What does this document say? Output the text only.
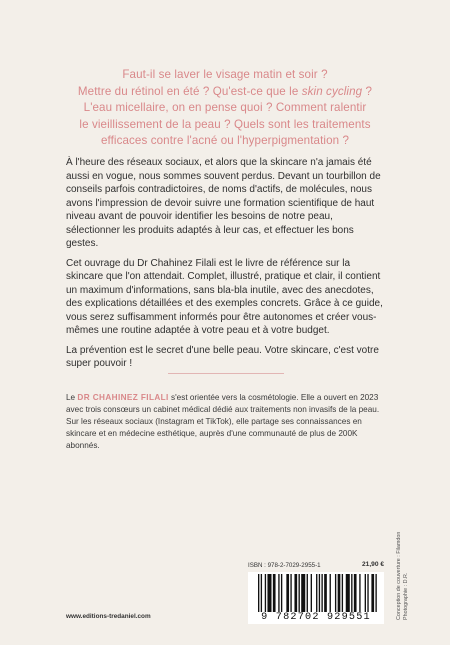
Faut-il se laver le visage matin et soir ?

Mettre du rétinol en été ? Qu'est-ce que le skin cycling ?

L'eau micellaire, on en pense quoi ? Comment ralentir

le vieillissement de la peau ? Quels sont les traitements

efficaces contre l'acné ou l'hyperpigmentation ?

À l'heure des réseaux sociaux, et alors que la skincare n'a jamais été aussi en vogue, nous sommes souvent perdus. Devant un tourbillon de conseils parfois contradictoires, de noms d'actifs, de molécules, nous avons l'impression de devoir suivre une formation scientifique de haut niveau avant de pouvoir identifier les besoins de notre peau, sélectionner les produits adaptés à leur cas, et effectuer les bons gestes.

Cet ouvrage du Dr Chahinez Filali est le livre de référence sur la skincare que l'on attendait. Complet, illustré, pratique et clair, il contient un maximum d'informations, sans bla-bla inutile, avec des anecdotes, des explications détaillées et des exemples concrets. Grâce à ce guide, vous serez suffisamment informés pour être autonomes et créer vous-mêmes une routine adaptée à votre peau et à votre budget.

La prévention est le secret d'une belle peau. Votre skincare, c'est votre super pouvoir !

Le DR CHAHINEZ FILALI s'est orientée vers la cosmétologie. Elle a ouvert en 2023 avec trois consœurs un cabinet médical dédié aux traitements non invasifs de la peau. Sur les réseaux sociaux (Instagram et TikTok), elle partage ses connaissances en skincare et en médecine esthétique, auprès d'une communauté de plus de 200K abonnés.

Conception de couverture : Filamdon Photographie : D.R.
ISBN : 978-2-7029-2955-1	21,90 €
9 782702 929551
www.editions-tredaniel.com
